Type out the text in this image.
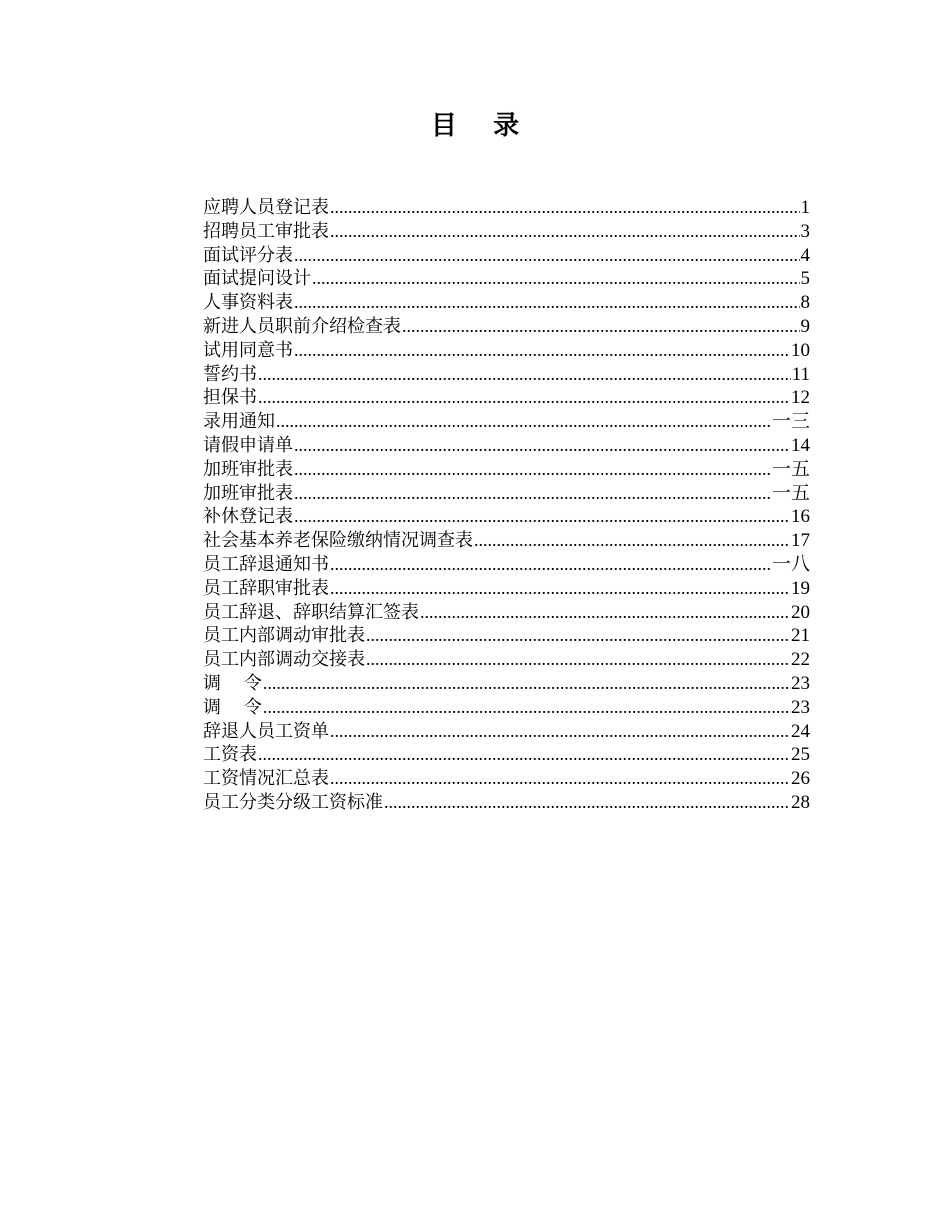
目    录
应聘人员登记表 .....	1
招聘员工审批表 .....	3
面试评分表 .....	4
面试提问设计 .....	5
人事资料表 .....	8
新进人员职前介绍检查表 .....	9
试用同意书 .....	10
誓约书 .....	11
担保书 .....	12
录用通知 .....	一三
请假申请单 .....	14
加班审批表 .....	一五
加班审批表 .....	一五
补休登记表 .....	16
社会基本养老保险缴纳情况调查表 .....	17
员工辞退通知书 .....	一八
员工辞职审批表 .....	19
员工辞退、辞职结算汇签表 .....	20
员工内部调动审批表 .....	21
员工内部调动交接表 .....	22
调    令 .....	23
调    令 .....	23
辞退人员工资单 .....	24
工资表 .....	25
工资情况汇总表 .....	26
员工分类分级工资标准 .....	28
